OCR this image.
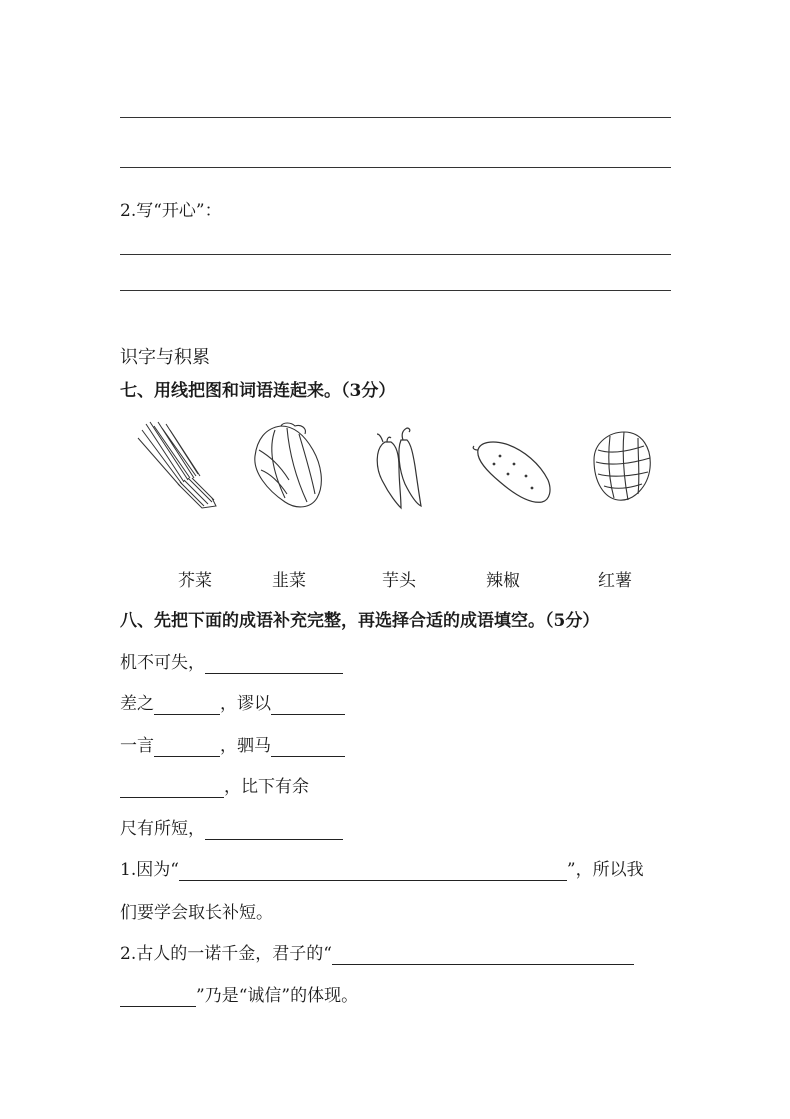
2.写“开心”：
识字与积累
七、用线把图和词语连起来。（3分）
芥菜	韭菜	芋头	辣椒	红薯
八、先把下面的成语补充完整，再选择合适的成语填空。（5分）
机不可失，
差之	，谬以
一言	，驷马
，比下有余
尺有所短，
1.因为“	”，所以我
们要学会取长补短。
2.古人的一诺千金，君子的“
”乃是“诚信”的体现。
